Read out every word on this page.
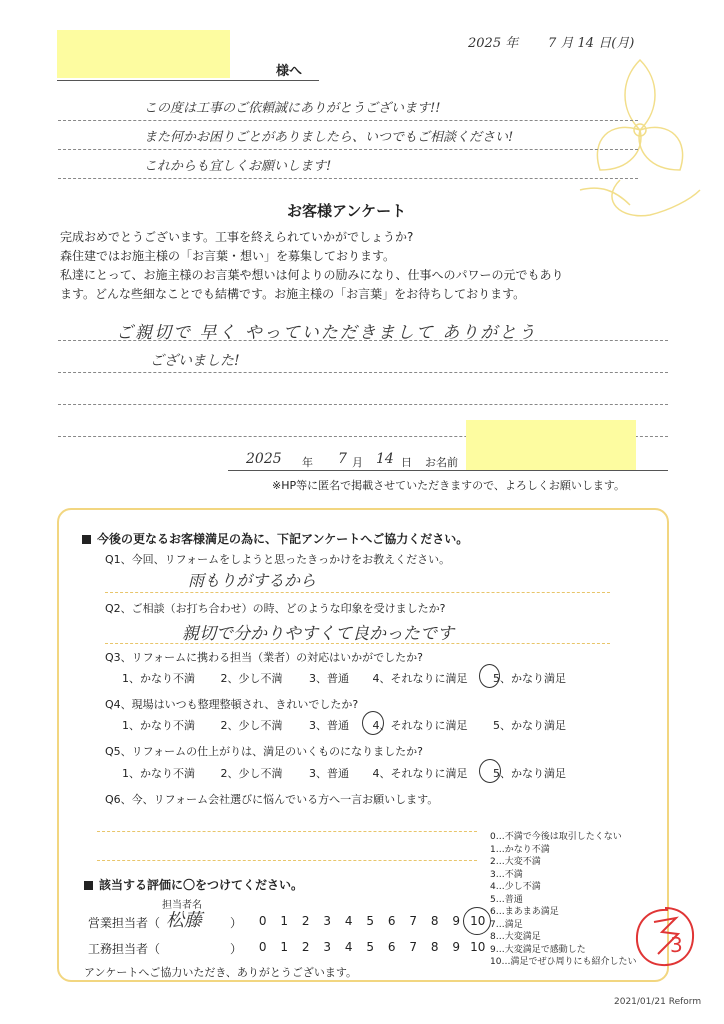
2025 年 7 月 14 日(月)
様へ
この度は工事のご依頼誠にありがとうございます!!
また何かお困りごとがありましたら、いつでもご相談ください!
これからも宜しくお願いします!
お客様アンケート
完成おめでとうございます。工事を終えられていかがでしょうか?
森住建ではお施主様の「お言葉・想い」を募集しております。
私達にとって、お施主様のお言葉や想いは何よりの励みになり、仕事へのパワーの元でもあり
ます。どんな些細なことでも結構です。お施主様の「お言葉」をお待ちしております。
ご親切で 早く やっていただきまして ありがとう
ございました!
2025 年 7 月 14 日 お名前
※HP等に匿名で掲載させていただきますので、よろしくお願いします。
今後の更なるお客様満足の為に、下記アンケートへご協力ください。
Q1、今回、リフォームをしようと思ったきっかけをお教えください。
雨もりがするから
Q2、ご相談（お打ち合わせ）の時、どのような印象を受けましたか?
親切で分かりやすくて良かったです
Q3、リフォームに携わる担当（業者）の対応はいかがでしたか?
1、かなり不満 2、少し不満 3、普通 4、それなりに満足 5、かなり満足
Q4、現場はいつも整理整頓され、きれいでしたか?
1、かなり不満 2、少し不満 3、普通 4、それなりに満足 5、かなり満足
Q5、リフォームの仕上がりは、満足のいくものになりましたか?
1、かなり不満 2、少し不満 3、普通 4、それなりに満足 5、かなり満足
Q6、今、リフォーム会社選びに悩んでいる方へ一言お願いします。
0…不満で今後は取引したくない
1…かなり不満
2…大変不満
3…不満
4…少し不満
5…普通
6…まあまあ満足
7…満足
8…大変満足
9…大変満足で感動した
10…満足でぜひ周りにも紹介したい
該当する評価に〇をつけてください。
担当者名
営業担当者（ 松藤 ）	0 1 2 3 4 5 6 7 8 9 10
工務担当者（	）	0 1 2 3 4 5 6 7 8 9 10
アンケートへご協力いただき、ありがとうございます。
3
2021/01/21 Reform
